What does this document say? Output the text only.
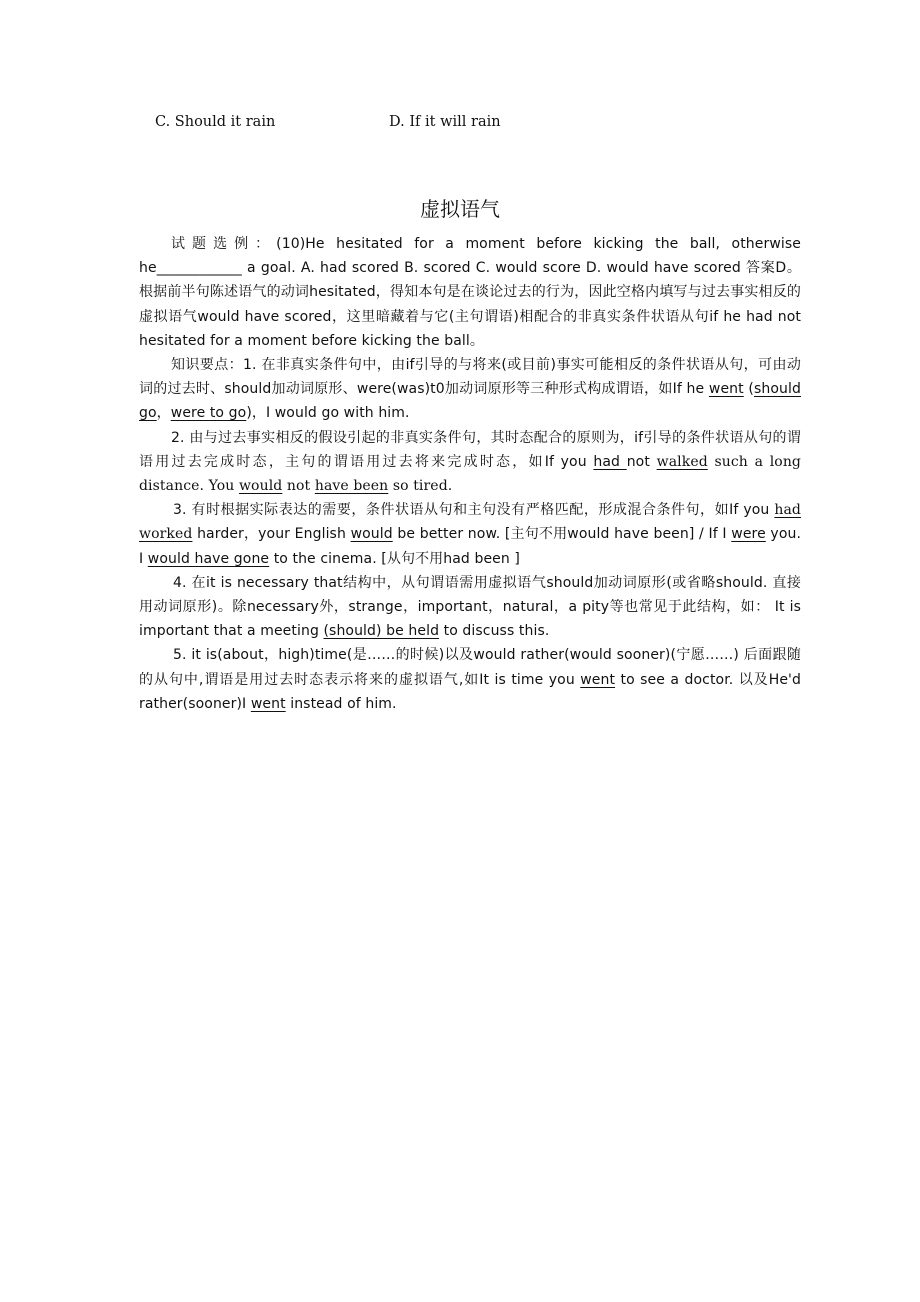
C. Should it rain	D. If it will rain
虚拟语气

试题选例：(10)He hesitated for a moment before kicking the ball, otherwise he____________ a goal. A. had scored B. scored C. would score D. would have scored 答案D。根据前半句陈述语气的动词hesitated，得知本句是在谈论过去的行为，因此空格内填写与过去事实相反的虚拟语气would have scored，这里暗藏着与它(主句谓语)相配合的非真实条件状语从句if he had not hesitated for a moment before kicking the ball。

知识要点：1. 在非真实条件句中，由if引导的与将来(或目前)事实可能相反的条件状语从句，可由动词的过去时、should加动词原形、were(was)t0加动词原形等三种形式构成谓语，如If he went (should go，were to go)，I would go with him.

2. 由与过去事实相反的假设引起的非真实条件句，其时态配合的原则为，if引导的条件状语从句的谓语用过去完成时态，主句的谓语用过去将来完成时态，如If you had not walked such a long distance. You would not have been so tired.

3. 有时根据实际表达的需要，条件状语从句和主句没有严格匹配，形成混合条件句，如If you had worked harder，your English would be better now. [主句不用would have been] / If I were you. I would have gone to the cinema. [从句不用had been ]

4. 在it is necessary that结构中，从句谓语需用虚拟语气should加动词原形(或省略should. 直接用动词原形)。除necessary外，strange，important，natural，a pity等也常见于此结构，如： It is important that a meeting (should) be held to discuss this.

5. it is(about，high)time(是……的时候)以及would rather(would sooner)(宁愿……) 后面跟随的从句中,谓语是用过去时态表示将来的虚拟语气,如It is time you went to see a doctor. 以及He'd rather(sooner)I went instead of him.
